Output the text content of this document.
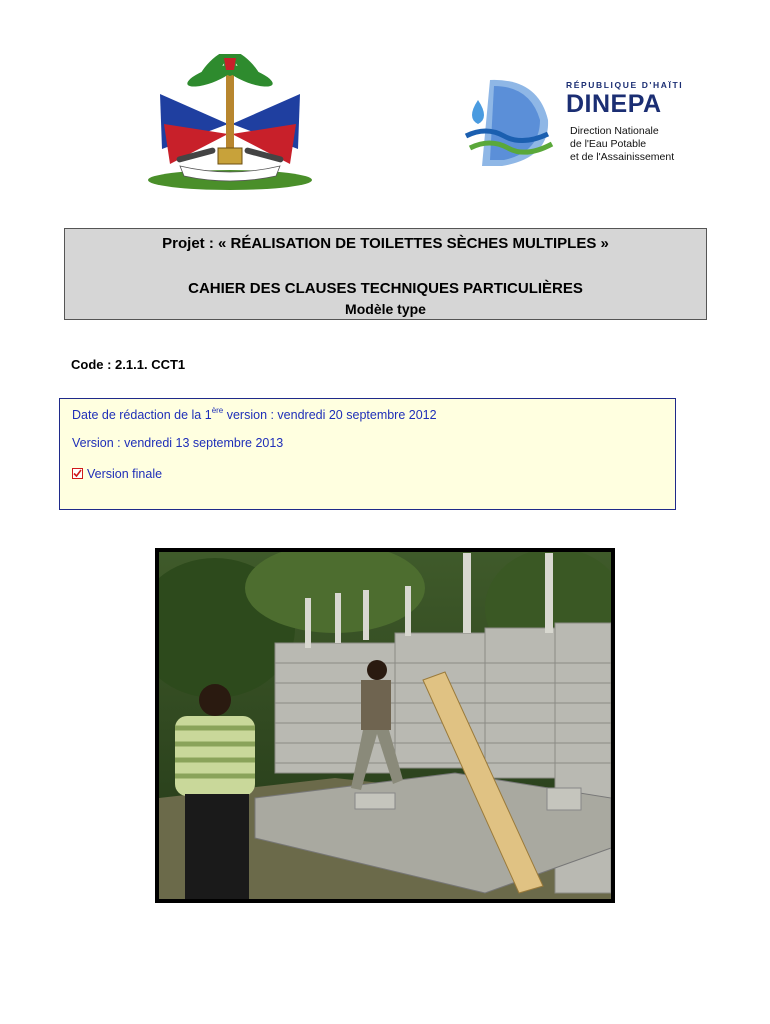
RÉPUBLIQUE D'HAÏTI
DINEPA
Direction Nationale
de l'Eau Potable
et de l'Assainissement
Projet : « RÉALISATION DE TOILETTES SÈCHES MULTIPLES »
CAHIER DES CLAUSES TECHNIQUES PARTICULIÈRES
Modèle type
Code : 2.1.1. CCT1
Date de rédaction de la 1ère version : vendredi 20 septembre 2012
Version : vendredi 13 septembre 2013
Version finale
